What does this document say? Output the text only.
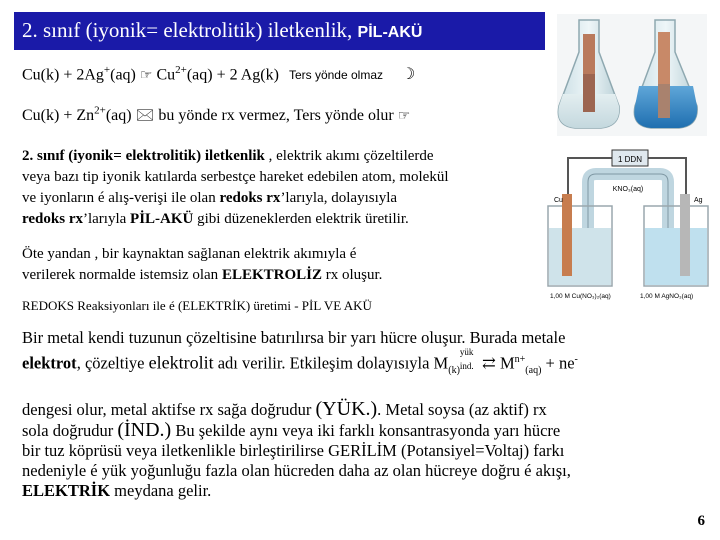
2. sınıf (iyonik= elektrolitik) iletkenlik, PİL-AKÜ
1 DDN
KNO₃(aq)
Cu	Ag
1,00 M Cu(NO₃)₂(aq)	1,00 M AgNO₃(aq)
Cu(k) + 2Ag+(aq) ☞ $Cu^{2+}(aq) + 2$ Ag(k) Ters yönde olmaz ☽
$Cu(k) + Zn^{2+}(aq)$ 🖂 bu yönde rx vermez, Ters yönde olur ☞
2. sınıf (iyonik= elektrolitik) iletkenlik , elektrik akımı çözeltilerde
veya bazı tip iyonik katılarda serbestçe hareket edebilen atom, molekül
ve iyonların é alış-verişi ile olan redoks rx’larıyla, dolayısıyla
redoks rx’larıyla PİL-AKÜ gibi düzeneklerden elektrik üretilir.
Öte yandan , bir kaynaktan sağlanan elektrik akımıyla é
verilerek normalde istemsiz olan ELEKTROLİZ rx oluşur.
REDOKS Reaksiyonları ile é (ELEKTRİK) üretimi - PİL VE AKÜ
Bir metal kendi tuzunun çözeltisine batırılırsa bir yarı hücre oluşur. Burada metale
elektrot, çözeltiye elektrolit adı verilir. Etkileşim dolayısıyla $M_{(k)}$
yük
ind. ⇄ $M^{n+}_{(aq)} + ne^-$
dengesi olur, metal aktifse rx sağa doğrudur (YÜK.). Metal soysa (az aktif) rx
sola doğrudur (İND.) Bu şekilde aynı veya iki farklı konsantrasyonda yarı hücre
bir tuz köprüsü veya iletkenlikle birleştirilirse GERİLİM (Potansiyel=Voltaj) farkı
nedeniyle é yük yoğunluğu fazla olan hücreden daha az olan hücreye doğru é akışı,
ELEKTRİK meydana gelir.
6
